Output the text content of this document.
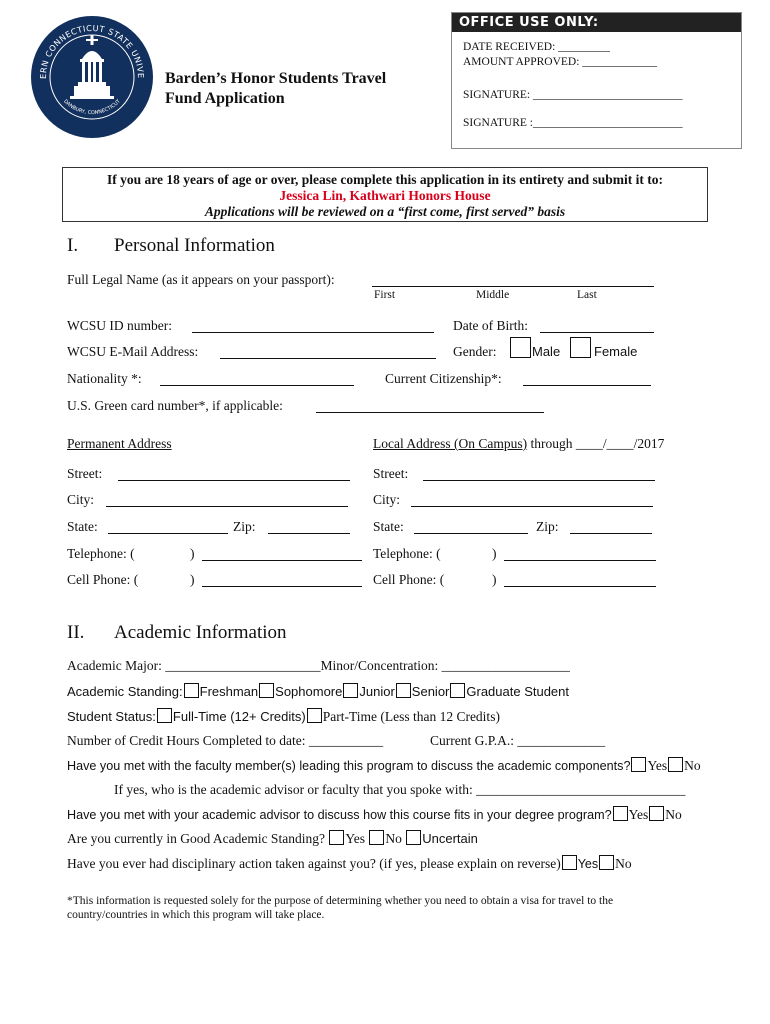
ERN CONNECTICUT STATE UNIVE
DANBURY, CONNECTICUT
Barden’s Honor Students Travel
Fund Application
OFFICE USE ONLY:
DATE RECEIVED: _________
AMOUNT APPROVED: _____________
SIGNATURE: __________________________
SIGNATURE :__________________________
If you are 18 years of age or over, please complete this application in its entirety and submit it to:
Jessica Lin, Kathwari Honors House
Applications will be reviewed on a “first come, first served” basis
I. Personal Information
Full Legal Name (as it appears on your passport):
First	Middle	Last
WCSU ID number:	Date of Birth:
WCSU E-Mail Address:	Gender:	Male	Female
Nationality *:	Current Citizenship*:
U.S. Green card number*, if applicable:
Permanent Address	Local Address (On Campus) through ____/____/2017
Street:	Street:
City:	City:
State:	Zip:	State:	Zip:
Telephone: (	)	Telephone: (	)
Cell Phone: (	)	Cell Phone: (	)
II. Academic Information
Academic Major: _______________________Minor/Concentration: ___________________
Academic Standing: Freshman Sophomore Junior Senior Graduate Student
Student Status: Full-Time (12+ Credits) Part-Time (Less than 12 Credits)
Number of Credit Hours Completed to date: ___________	Current G.P.A.: _____________
Have you met with the faculty member(s) leading this program to discuss the academic components? Yes No
If yes, who is the academic advisor or faculty that you spoke with: _______________________________
Have you met with your academic advisor to discuss how this course fits in your degree program? Yes No
Are you currently in Good Academic Standing? Yes No Uncertain
Have you ever had disciplinary action taken against you? (if yes, please explain on reverse) Yes No
*This information is requested solely for the purpose of determining whether you need to obtain a visa for travel to the
country/countries in which this program will take place.
